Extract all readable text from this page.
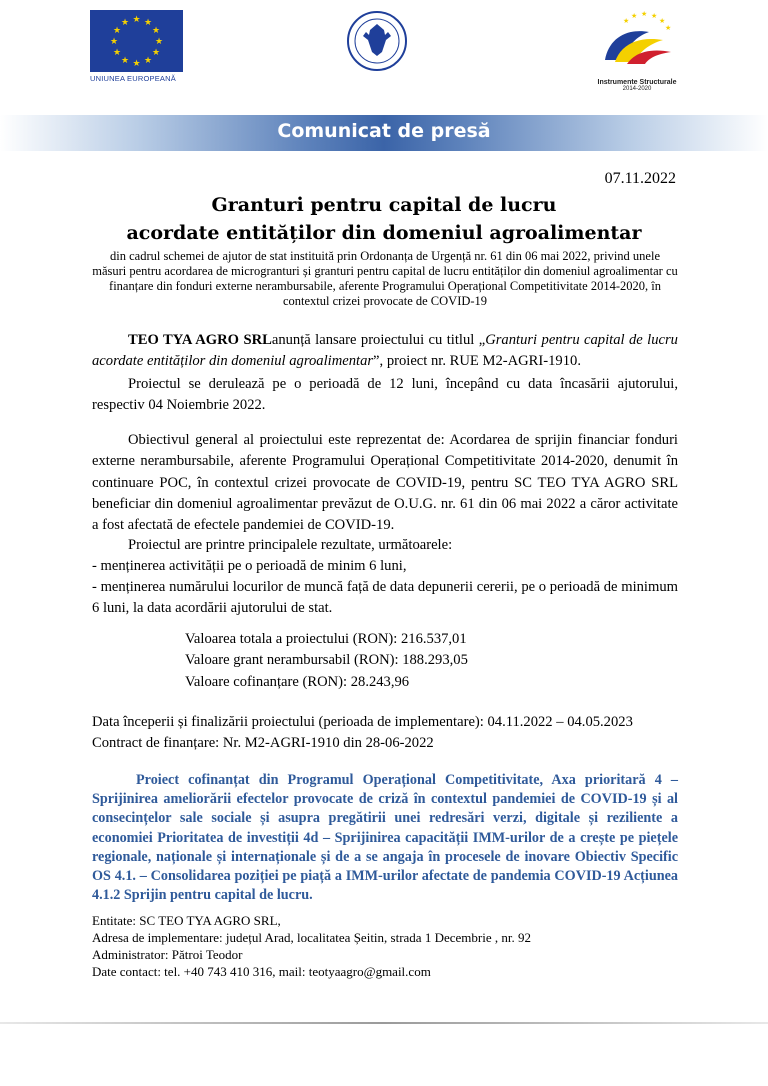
★ ★
★
★
★
★
★
★
★
★
★
★
UNIUNEA EUROPEANĂ
★ ★ ★
★
★
★
Instrumente Structurale
2014-2020
Comunicat de presă
07.11.2022
Granturi pentru capital de lucru
acordate entităților din domeniul agroalimentar
din cadrul schemei de ajutor de stat instituită prin Ordonanța de Urgență nr. 61 din 06 mai 2022, privind unele măsuri pentru acordarea de microgranturi și granturi pentru capital de lucru entităților din domeniul agroalimentar cu finanțare din fonduri externe nerambursabile, aferente Programului Operațional Competitivitate 2014-2020, în contextul crizei provocate de COVID-19
TEO TYA AGRO SRLanunță lansare proiectului cu titlul „Granturi pentru capital de lucru acordate entităților din domeniul agroalimentar”, proiect nr. RUE M2-AGRI-1910.
Proiectul se derulează pe o perioadă de 12 luni, începând cu data încasării ajutorului, respectiv 04 Noiembrie 2022.
Obiectivul general al proiectului este reprezentat de: Acordarea de sprijin financiar fonduri externe nerambursabile, aferente Programului Operațional Competitivitate 2014-2020, denumit în continuare POC, în contextul crizei provocate de COVID-19, pentru SC TEO TYA AGRO SRL beneficiar din domeniul agroalimentar prevăzut de O.U.G. nr. 61 din 06 mai 2022 a căror activitate a fost afectată de efectele pandemiei de COVID-19.
Proiectul are printre principalele rezultate, următoarele:
- menținerea activității pe o perioadă de minim 6 luni,
- menținerea numărului locurilor de muncă față de data depunerii cererii, pe o perioadă de minimum 6 luni, la data acordării ajutorului de stat.
Valoarea totala a proiectului (RON): 216.537,01
Valoare grant nerambursabil (RON): 188.293,05
Valoare cofinanțare (RON): 28.243,96
Data începerii și finalizării proiectului (perioada de implementare): 04.11.2022 – 04.05.2023
Contract de finanțare: Nr. M2-AGRI-1910 din 28-06-2022
Proiect cofinanțat din Programul Operațional Competitivitate, Axa prioritară 4 – Sprijinirea ameliorării efectelor provocate de criză în contextul pandemiei de COVID-19 și al consecințelor sale sociale și asupra pregătirii unei redresări verzi, digitale și reziliente a economiei Prioritatea de investiții 4d – Sprijinirea capacității IMM-urilor de a crește pe piețele regionale, naționale și internaționale și de a se angaja în procesele de inovare Obiectiv Specific OS 4.1. – Consolidarea poziției pe piață a IMM-urilor afectate de pandemia COVID-19 Acțiunea 4.1.2 Sprijin pentru capital de lucru.
Entitate: SC TEO TYA AGRO SRL,
Adresa de implementare: județul Arad, localitatea Șeitin, strada 1 Decembrie , nr. 92
Administrator: Pătroi Teodor
Date contact: tel. +40 743 410 316, mail: teotyaagro@gmail.com
